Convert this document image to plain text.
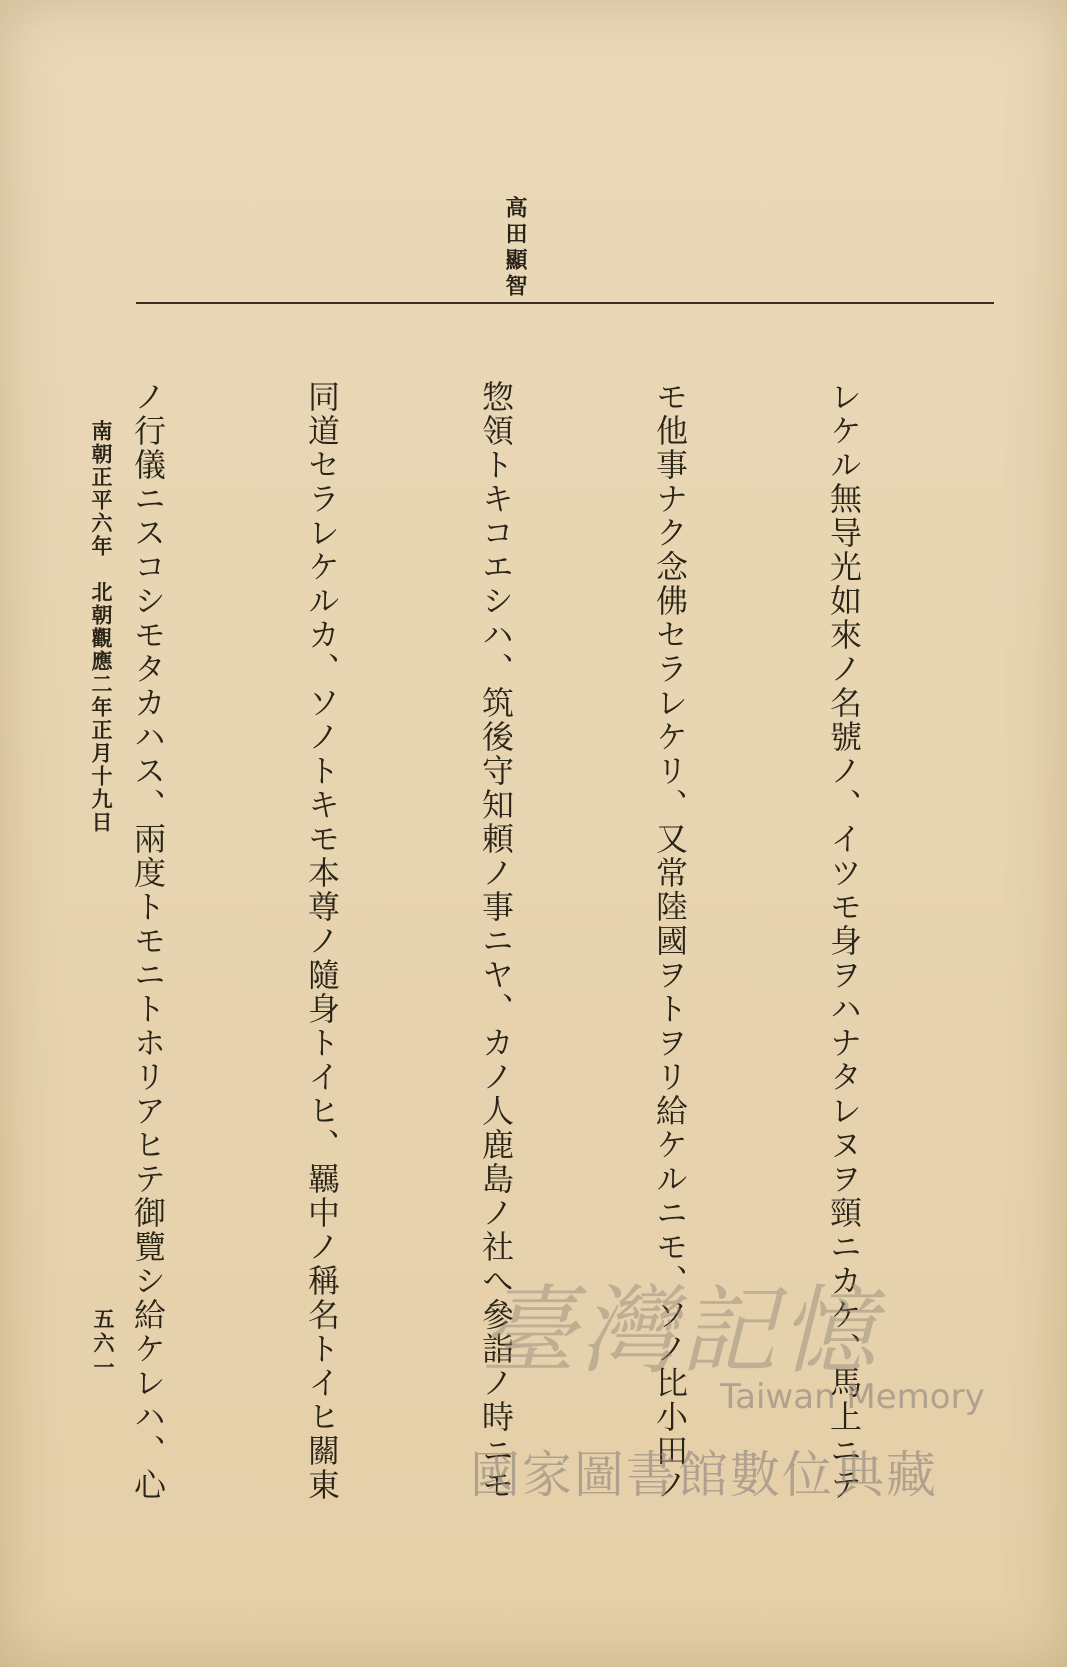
高田顯智

レケル無导光如來ノ名號ノ、イツモ身ヲハナタレヌヲ頸ニカケ、馬上ニテ

モ他事ナク念佛セラレケリ、又常陸國ヲトヲリ給ケルニモ、ソノ比小田ノ

惣領トキコエシハ、筑後守知頼ノ事ニヤ、カノ人鹿島ノ社へ參詣ノ時ニモ

同道セラレケルカ、ソノトキモ本尊ノ隨身トイヒ、羈中ノ稱名トイヒ關東

ノ行儀ニスコシモタカハス、兩度トモニトホリアヒテ御覽シ給ケレハ、心

南朝正平六年　北朝觀應二年正月十九日
五六一	臺灣記憶
Taiwan Memory
國家圖書館數位典藏
